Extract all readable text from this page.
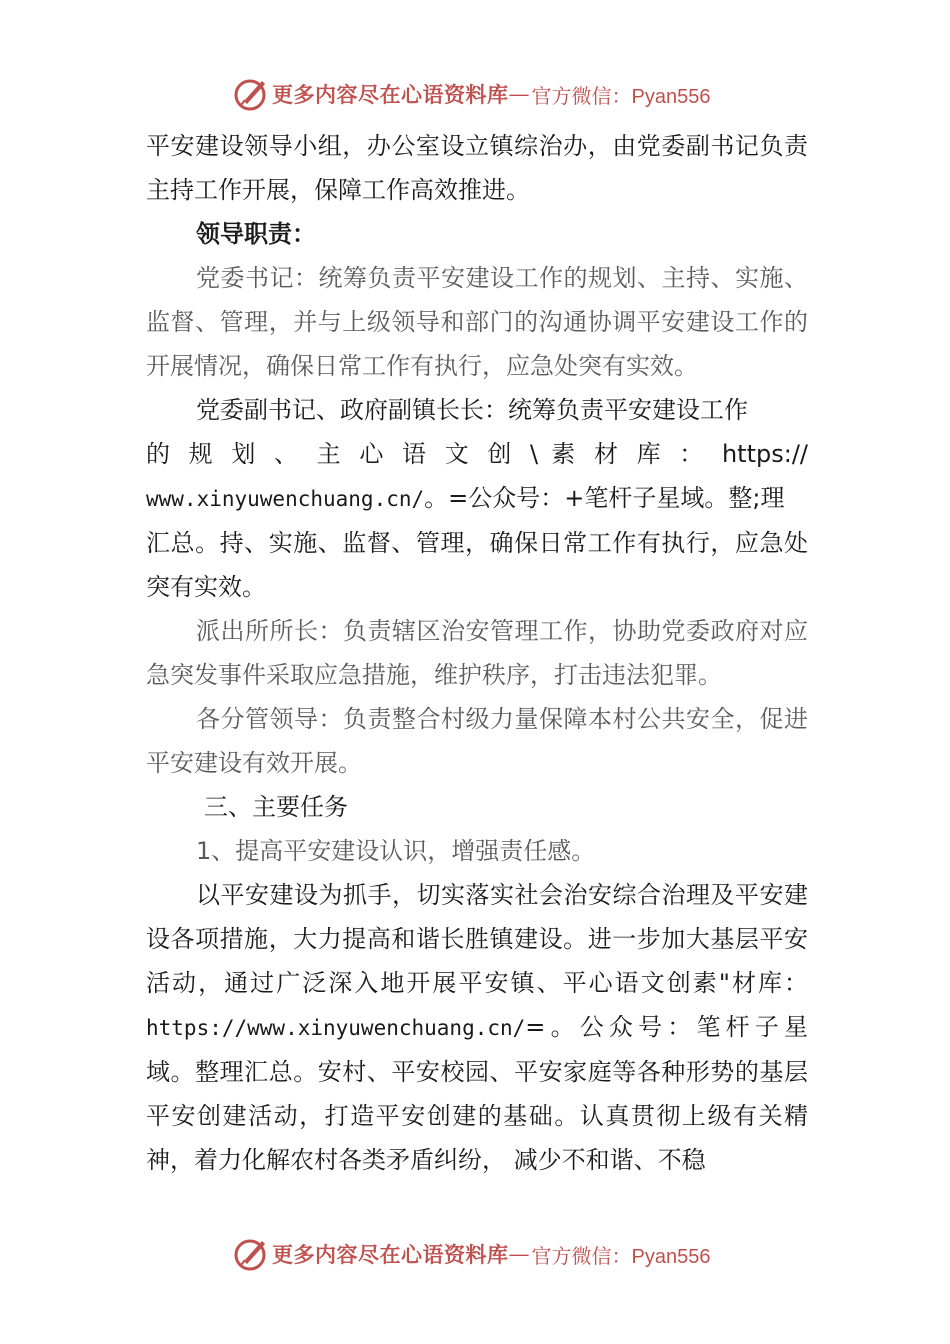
更多内容尽在心语资料库 — 官方微信：Pyan556

平安建设领导小组，办公室设立镇综治办，由党委副书记负责主持工作开展，保障工作高效推进。

领导职责：

党委书记：统筹负责平安建设工作的规划、主持、实施、监督、管理，并与上级领导和部门的沟通协调平安建设工作的开展情况，确保日常工作有执行，应急处突有实效。

党委副书记、政府副镇长长：统筹负责平安建设工作

的 规 划 、 主 心 语 文 创 \ 素 材 库 ： https://

www.xinyuwenchuang.cn/。=公众号：+笔杆子星域。整;理

汇总。持、实施、监督、管理，确保日常工作有执行，应急处突有实效。

派出所所长：负责辖区治安管理工作，协助党委政府对应急突发事件采取应急措施，维护秩序，打击违法犯罪。

各分管领导：负责整合村级力量保障本村公共安全，促进平安建设有效开展。

三、主要任务

1、提高平安建设认识，增强责任感。

以平安建设为抓手，切实落实社会治安综合治理及平安建设各项措施，大力提高和谐长胜镇建设。进一步加大基层平安活动，通过广泛深入地开展平安镇、平心语文创素"材库：https://www.xinyuwenchuang.cn/=。公众号：笔杆子星域。整理汇总。安村、平安校园、平安家庭等各种形势的基层平安创建活动，打造平安创建的基础。认真贯彻上级有关精神，着力化解农村各类矛盾纠纷， 减少不和谐、不稳

更多内容尽在心语资料库 — 官方微信：Pyan556
